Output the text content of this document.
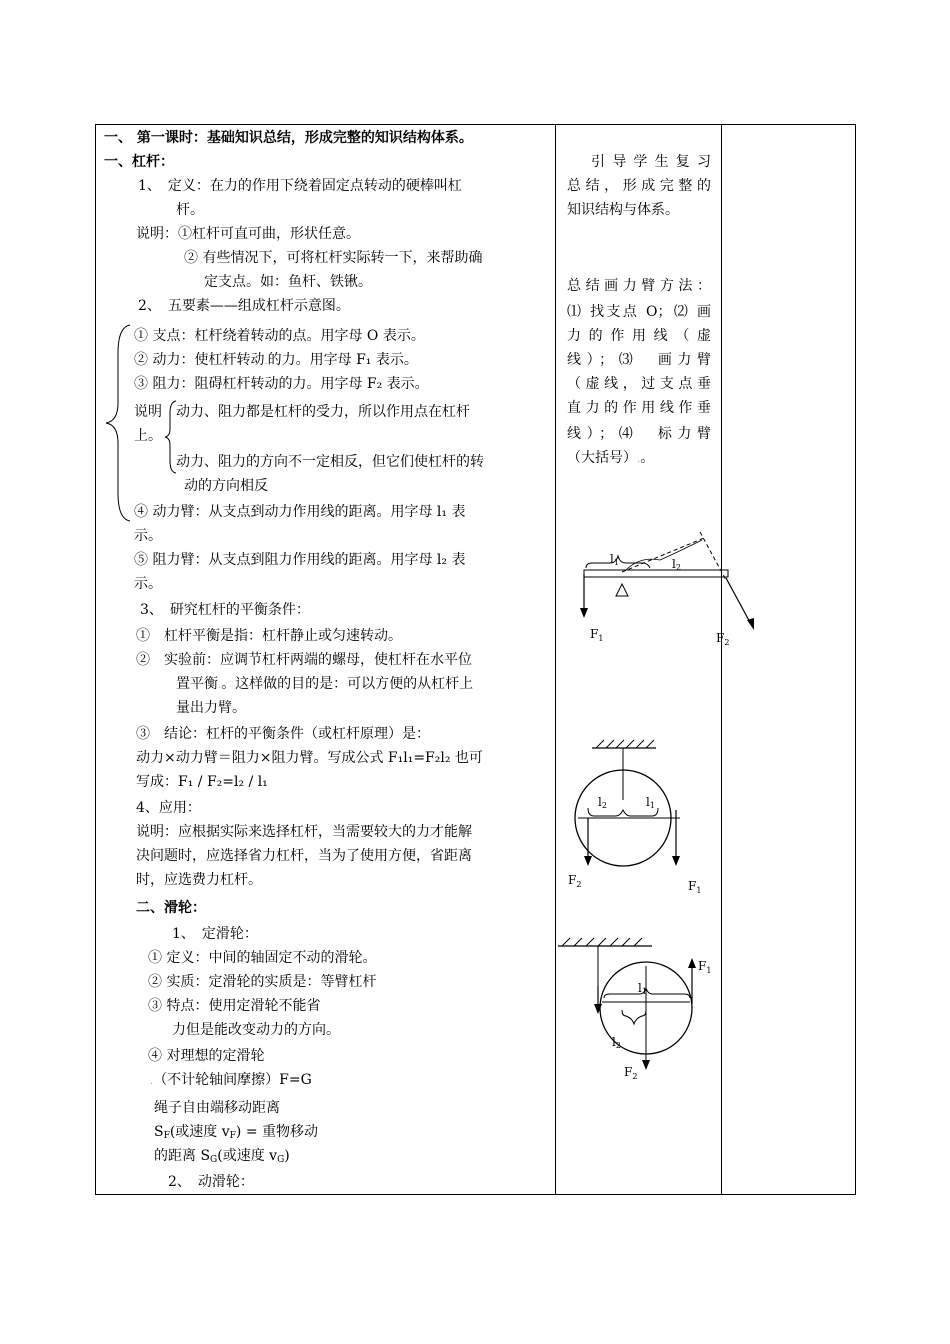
一、 第一课时：基础知识总结，形成完整的知识结构体系。
一、杠杆：
1、　定义：在力的作用下绕着固定点转动的硬棒叫杠
杆。
说明：①杠杆可直可曲，形状任意。
② 有些情况下，可将杠杆实际转一下，来帮助确
定支点。如：鱼杆、铁锹。
2、　五要素——组成杠杆示意图。
① 支点：杠杆绕着转动的点。用字母 O 表示。
② 动力：使杠杆转动.的力。用字母 F₁ 表示。
③ 阻力：阻碍杠杆转动的力。用字母 F₂ 表示。
说明 动力、阻力都是杠杆的受力，所以作用点在杠杆
上。
动力、阻力的方向不一定相反，但它们使杠杆的转
动的方向相反
④ 动力臂：从支点到动力作用线的距离。用字母 l₁ 表
示。
⑤ 阻力臂：从支点到阻力作用线的距离。用字母 l₂ 表
示。
3、　研究杠杆的平衡条件：
①　杠杆平衡是指：杠杆静止或匀速转动。
②　实验前：应调节杠杆两端的螺母，使杠杆在水平位
置平衡.。这样做的目的是：可以方便的从杠杆上
量出力臂。
③　结论：杠杆的平衡条件（或杠杆原理）是：
动力×动力臂＝阻力×阻力臂。写成公式 F₁l₁=F₂l₂ 也可
写成：F₁ / F₂=l₂ / l₁
4、应用：
说明：应根据实际来选择杠杆，当需要较大的力才能解
决问题时，应选择省力杠杆，当为了使用方便，省距离
时，应选费力杠杆。
二、滑轮：
1、　定滑轮：
① 定义：中间的轴固定不动的滑轮。
② 实质：定滑轮的实质是：等臂杠杆
③ 特点：使用定滑轮不能省
力但是能改变动力的方向。
④ 对理想的定滑轮
.（不计轮轴间摩擦）F=G
绳子自由端移动距离
$S_F$(或速度 $v_F$) = 重物移动
的距离 $S_G$(或速度 $v_G$)
2、　动滑轮：
引导学生复习
总结，形成完整的
知识结构与体系。
总结画力臂方法：
⑴ 找支点 O；⑵ 画
力的作用线（虚
线）；⑶　画力臂
（虚线，过支点垂
直力的作用线作垂
线）；⑷　标力臂
（大括号）.。
l1	l2
$F_1$	$F_2$
l2	l1
$F_2$	$F_1$
l1
l2
$F_1$
$F_2$
